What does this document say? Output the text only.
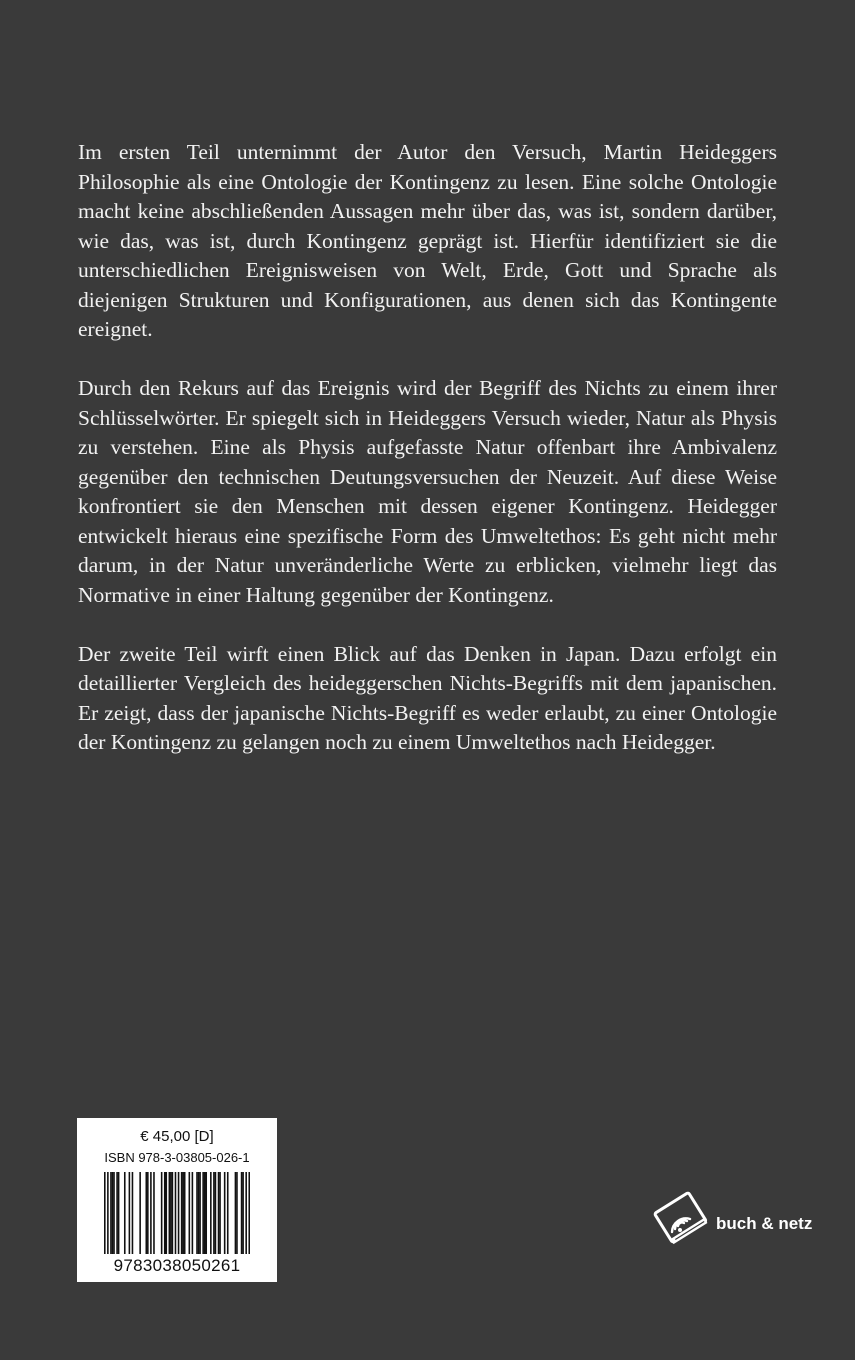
Im ersten Teil unternimmt der Autor den Versuch, Martin Heideggers Philosophie als eine Ontologie der Kontingenz zu lesen. Eine solche Ontologie macht keine abschließenden Aussagen mehr über das, was ist, sondern darüber, wie das, was ist, durch Kontingenz geprägt ist. Hierfür identifiziert sie die unterschiedlichen Ereignisweisen von Welt, Erde, Gott und Sprache als diejenigen Strukturen und Konfigurationen, aus denen sich das Kontingente ereignet.

Durch den Rekurs auf das Ereignis wird der Begriff des Nichts zu einem ihrer Schlüsselwörter. Er spiegelt sich in Heideggers Versuch wieder, Natur als Physis zu verstehen. Eine als Physis aufgefasste Natur offenbart ihre Ambivalenz gegenüber den technischen Deutungsversuchen der Neuzeit. Auf diese Weise konfrontiert sie den Menschen mit dessen eigener Kontingenz. Heidegger entwickelt hieraus eine spezifische Form des Umweltethos: Es geht nicht mehr darum, in der Natur unveränderliche Werte zu erblicken, vielmehr liegt das Normative in einer Haltung gegenüber der Kontingenz.

Der zweite Teil wirft einen Blick auf das Denken in Japan. Dazu erfolgt ein detaillierter Vergleich des heideggerschen Nichts-Begriffs mit dem japanischen. Er zeigt, dass der japanische Nichts-Begriff es weder erlaubt, zu einer Ontologie der Kontingenz zu gelangen noch zu einem Umweltethos nach Heidegger.

€ 45,00 [D]
ISBN 978-3-03805-026-1
9783038050261
buch & netz
